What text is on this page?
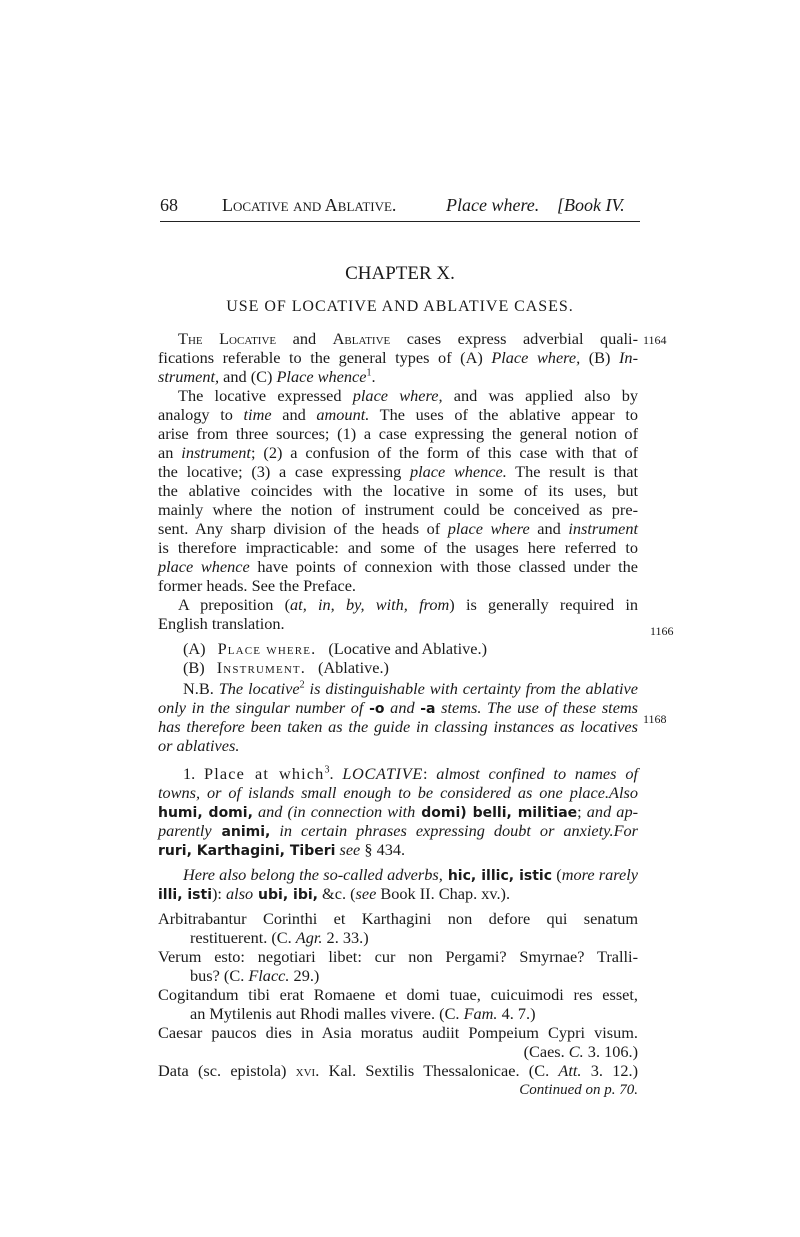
68 Locative and Ablative.	Place where. [Book IV.
CHAPTER X.
USE OF LOCATIVE AND ABLATIVE CASES.
1164
1166
1168
The Locative and Ablative cases express adverbial quali-
fications referable to the general types of (A) Place where, (B) In-
strument, and (C) Place whence$^1$.
The locative expressed place where, and was applied also by
analogy to time and amount. The uses of the ablative appear to
arise from three sources; (1) a case expressing the general notion of
an instrument; (2) a confusion of the form of this case with that of
the locative; (3) a case expressing place whence. The result is that
the ablative coincides with the locative in some of its uses, but
mainly where the notion of instrument could be conceived as pre-
sent. Any sharp division of the heads of place where and instrument
is therefore impracticable: and some of the usages here referred to
place whence have points of connexion with those classed under the
former heads. See the Preface.
A preposition (at, in, by, with, from) is generally required in
English translation.
(A) Place where. (Locative and Ablative.)
(B) Instrument. (Ablative.)
N.B. The locative$^2$ is distinguishable with certainty from the ablative
only in the singular number of -o and -a stems. The use of these stems
has therefore been taken as the guide in classing instances as locatives
or ablatives.
1. Place at which$^3$. LOCATIVE: almost confined to names of
towns, or of islands small enough to be considered as one place.Also
humi, domi, and (in connection with domi) belli, militiae; and ap-
parently animi, in certain phrases expressing doubt or anxiety.For
ruri, Karthagini, Tiberi see § 434.
Here also belong the so-called adverbs, hic, illic, istic (more rarely
illi, isti): also ubi, ibi, &c. (see Book II. Chap. xv.).
Arbitrabantur Corinthi et Karthagini non defore qui senatum
restituerent. (C. Agr. 2. 33.)
Verum esto: negotiari libet: cur non Pergami? Smyrnae? Tralli-
bus? (C. Flacc. 29.)
Cogitandum tibi erat Romaene et domi tuae, cuicuimodi res esset,
an Mytilenis aut Rhodi malles vivere. (C. Fam. 4. 7.)
Caesar paucos dies in Asia moratus audiit Pompeium Cypri visum.
(Caes. C. 3. 106.)
Data (sc. epistola) xvi. Kal. Sextilis Thessalonicae. (C. Att. 3. 12.)
Continued on p. 70.
